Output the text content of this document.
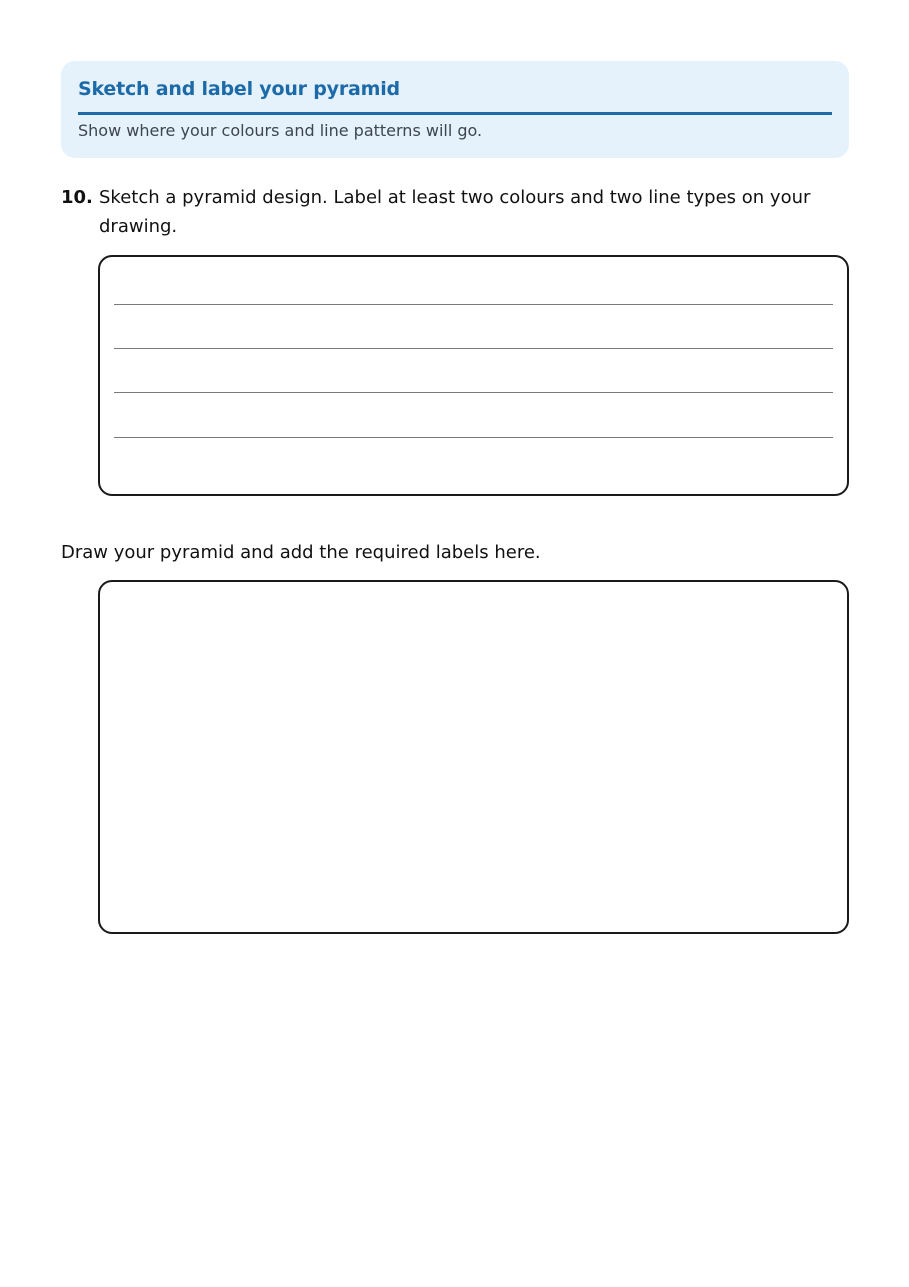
Sketch and label your pyramid
Show where your colours and line patterns will go.
10. Sketch a pyramid design. Label at least two colours and two line types on your drawing.
Draw your pyramid and add the required labels here.
